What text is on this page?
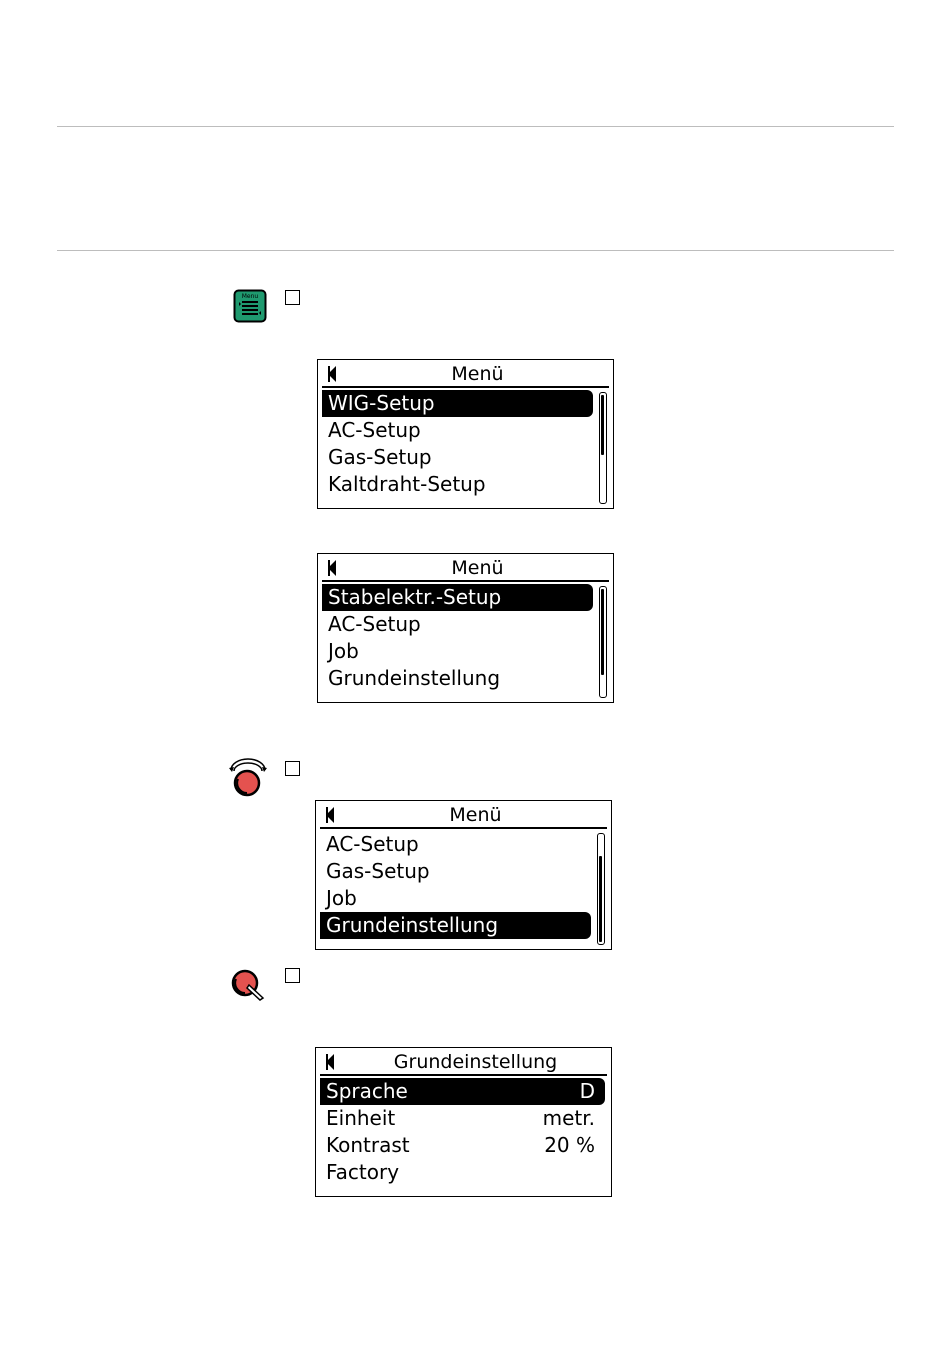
Menu
Menü
WIG-Setup
AC-Setup
Gas-Setup
Kaltdraht-Setup
Menü
Stabelektr.-Setup
AC-Setup
Job
Grundeinstellung
Menü
AC-Setup
Gas-Setup
Job
Grundeinstellung
Grundeinstellung
Sprache	D
Einheit	metr.
Kontrast	20 %
Factory
